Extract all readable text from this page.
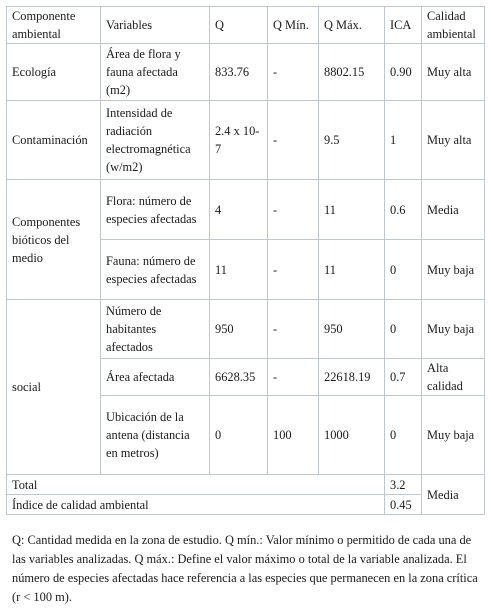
Componente ambiental	Variables	Q	Q Mín.	Q Máx.	ICA	Calidad ambiental
Ecología	Área de flora y fauna afectada (m2)	833.76	-	8802.15	0.90	Muy alta
Contaminación	Intensidad de radiación electromagnética (w/m2)	2.4 x 10-7	-	9.5	1	Muy alta
Componentes bióticos del medio	Flora: número de especies afectadas	4	-	11	0.6	Media
	Fauna: número de especies afectadas	11	-	11	0	Muy baja
social	Número de habitantes afectados	950	-	950	0	Muy baja
	Área afectada	6628.35	-	22618.19	0.7	Alta calidad
	Ubicación de la antena (distancia en metros)	0	100	1000	0	Muy baja
Total					3.2	Media
Índice de calidad ambiental					0.45	
Q: Cantidad medida en la zona de estudio. Q mín.: Valor mínimo o permitido de cada una de las variables analizadas. Q máx.: Define el valor máximo o total de la variable analizada. El número de especies afectadas hace referencia a las especies que permanecen en la zona crítica (r < 100 m).
